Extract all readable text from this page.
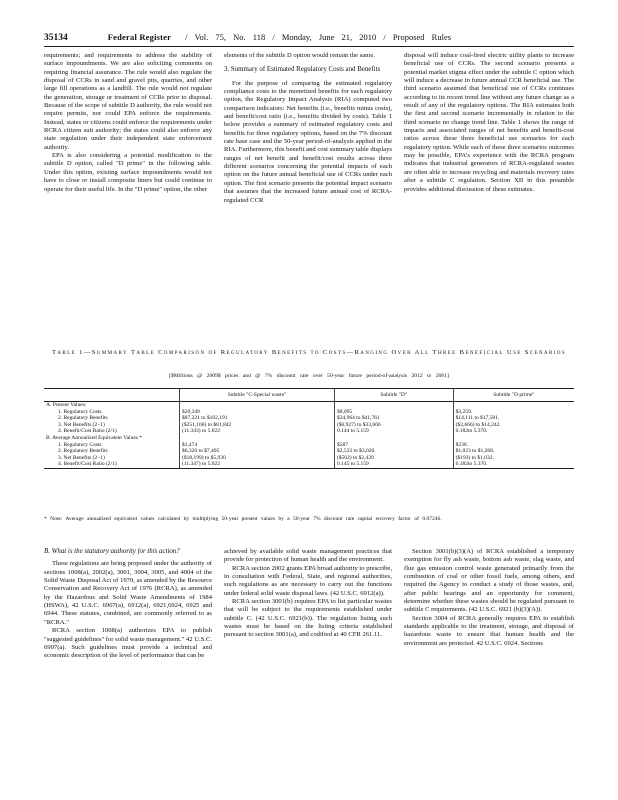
35134	Federal Register / Vol. 75, No. 118 / Monday, June 21, 2010 / Proposed Rules

requirements; and requirements to address the stability of surface impoundments. We are also soliciting comments on requiring financial assurance. The rule would also regulate the disposal of CCRs in sand and gravel pits, quarries, and other large fill operations as a landfill. The rule would not regulate the generation, storage or treatment of CCRs prior to disposal. Because of the scope of subtitle D authority, the rule would not require permits, nor could EPA enforce the requirements. Instead, states or citizens could enforce the requirements under RCRA citizen suit authority; the states could also enforce any state regulation under their independent state enforcement authority.

EPA is also considering a potential modification to the subtitle D option, called "D prime" in the following table. Under this option, existing surface impoundments would not have to close or install composite liners but could continue to operate for their useful life. In the "D prime" option, the other

elements of the subtitle D option would remain the same.

3. Summary of Estimated Regulatory Costs and Benefits

For the purpose of comparing the estimated regulatory compliance costs to the monetized benefits for each regulatory option, the Regulatory Impact Analysis (RIA) computed two comparison indicators: Net benefits (i.e., benefits minus costs), and benefit/cost ratio (i.e., benefits divided by costs). Table 1 below provides a summary of estimated regulatory costs and benefits for three regulatory options, based on the 7% discount rate base case and the 50-year period-of-analysis applied in the RIA. Furthermore, this benefit and cost summary table displays ranges of net benefit and benefit/cost results across three different scenarios concerning the potential impacts of each option on the future annual beneficial use of CCRs under each option. The first scenario presents the potential impact scenario that assumes that the increased future annual cost of RCRA-regulated CCR

disposal will induce coal-fired electric utility plants to increase beneficial use of CCRs. The second scenario presents a potential market stigma effect under the subtitle C option which will induce a decrease in future annual CCR beneficial use. The third scenario assumed that beneficial use of CCRs continues according to its recent trend line without any future change as a result of any of the regulatory options. The RIA estimates both the first and second scenario incrementally in relation to the third scenario no change trend line. Table 1 shows the range of impacts and associated ranges of net benefits and benefit-cost ratios across these three beneficial use scenarios for each regulatory option. While each of these three scenarios outcomes may be possible, EPA's experience with the RCRA program indicates that industrial generators of RCRA-regulated wastes are often able to increase recycling and materials recovery rates after a subtitle C regulation. Section XII in this preamble provides additional discussion of these estimates.

Table 1—Summary Table Comparison of Regulatory Benefits to Costs—Ranging Over All Three Beneficial Use Scenarios
[$Millions @ 2009$ prices and @ 7% discount rate over 50-year future period-of-analysis 2012 to 2061]
	Subtitle "C-Special waste"	Subtitle "D"	Subtitle "D prime"
A. Present Values:			
1. Regulatory Costs	$20,349	$8,095	$3,259.
2. Regulatory Benefits	$87,221 to $102,191	$34,964 to $41,761	$14,111 to $17,501.
3. Net Benefits (2−1)	($251,166) to $81,842	($6,927) to $33,666	($2,666) to $14,242.
4. Benefit/Cost Ratio (2/1)	(11.343) to 5.022	0.144 to 5.159	0.182to 5.370.
B. Average Annualized Equivalent Values *			
1. Regulatory Costs	$1,474	$587	$236.
2. Regulatory Benefits	$6,320 to $7,405	$2,533 to $3,026	$1,023 to $1,268.
3. Net Benefits (2−1)	($18,199) to $5,930	($502) to $2,439	($193) to $1,032.
4. Benefit/Cost Ratio (2/1)	(11.347) to 5.022	0.145 to 5.159	0.182to 5.370.
* Note: Average annualized equivalent values calculated by multiplying 50-year present values by a 50-year 7% discount rate capital recovery factor of 0.07246.
B. What is the statutory authority for this action?

These regulations are being proposed under the authority of sections 1008(a), 2002(a), 3001, 3004, 3005, and 4004 of the Solid Waste Disposal Act of 1970, as amended by the Resource Conservation and Recovery Act of 1976 (RCRA), as amended by the Hazardous and Solid Waste Amendments of 1984 (HSWA), 42 U.S.C. 6907(a), 6912(a), 6921,6924, 6925 and 6944. These statutes, combined, are commonly referred to as "RCRA."

RCRA section 1008(a) authorizes EPA to publish "suggested guidelines" for solid waste management." 42 U.S.C. 6907(a). Such guidelines must provide a technical and economic description of the level of performance that can be

achieved by available solid waste management practices that provide for protection of human health and the environment.

RCRA section 2002 grants EPA broad authority to prescribe, in consultation with Federal, State, and regional authorities, such regulations as are necessary to carry out the functions under federal solid waste disposal laws. (42 U.S.C. 6912(a)).

RCRA section 3001(b) requires EPA to list particular wastes that will be subject to the requirements established under subtitle C. (42 U.S.C. 6921(b)). The regulation listing such wastes must be based on the listing criteria established pursuant to section 3001(a), and codified at 40 CFR 261.11.

Section 3001(b)(3)(A) of RCRA established a temporary exemption for fly ash waste, bottom ash waste, slag waste, and flue gas emission control waste generated primarily from the combustion of coal or other fossil fuels, among others, and required the Agency to conduct a study of those wastes, and, after public hearings and an opportunity for comment, determine whether these wastes should be regulated pursuant to subtitle C requirements. (42 U.S.C. 6921 (b)(3)(A)).

Section 3004 of RCRA generally requires EPA to establish standards applicable to the treatment, storage, and disposal of hazardous waste to ensure that human health and the environment are protected. 42 U.S.C. 6924. Sections
